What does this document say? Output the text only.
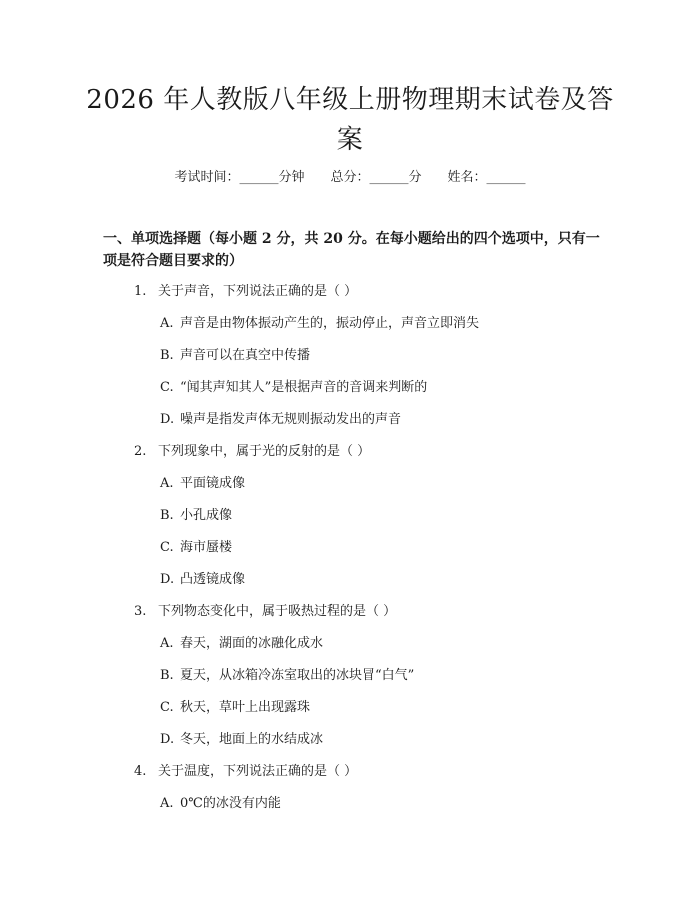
2026 年人教版八年级上册物理期末试卷及答
案
考试时间：______分钟 总分：______分 姓名：______
一、单项选择题（每小题 2 分，共 20 分。在每小题给出的四个选项中，只有一项是符合题目要求的）
1. 关于声音，下列说法正确的是（ ）
A. 声音是由物体振动产生的，振动停止，声音立即消失
B. 声音可以在真空中传播
C. “闻其声知其人”是根据声音的音调来判断的
D. 噪声是指发声体无规则振动发出的声音
2. 下列现象中，属于光的反射的是（ ）
A. 平面镜成像
B. 小孔成像
C. 海市蜃楼
D. 凸透镜成像
3. 下列物态变化中，属于吸热过程的是（ ）
A. 春天，湖面的冰融化成水
B. 夏天，从冰箱冷冻室取出的冰块冒“白气”
C. 秋天，草叶上出现露珠
D. 冬天，地面上的水结成冰
4. 关于温度，下列说法正确的是（ ）
A. 0℃的冰没有内能
